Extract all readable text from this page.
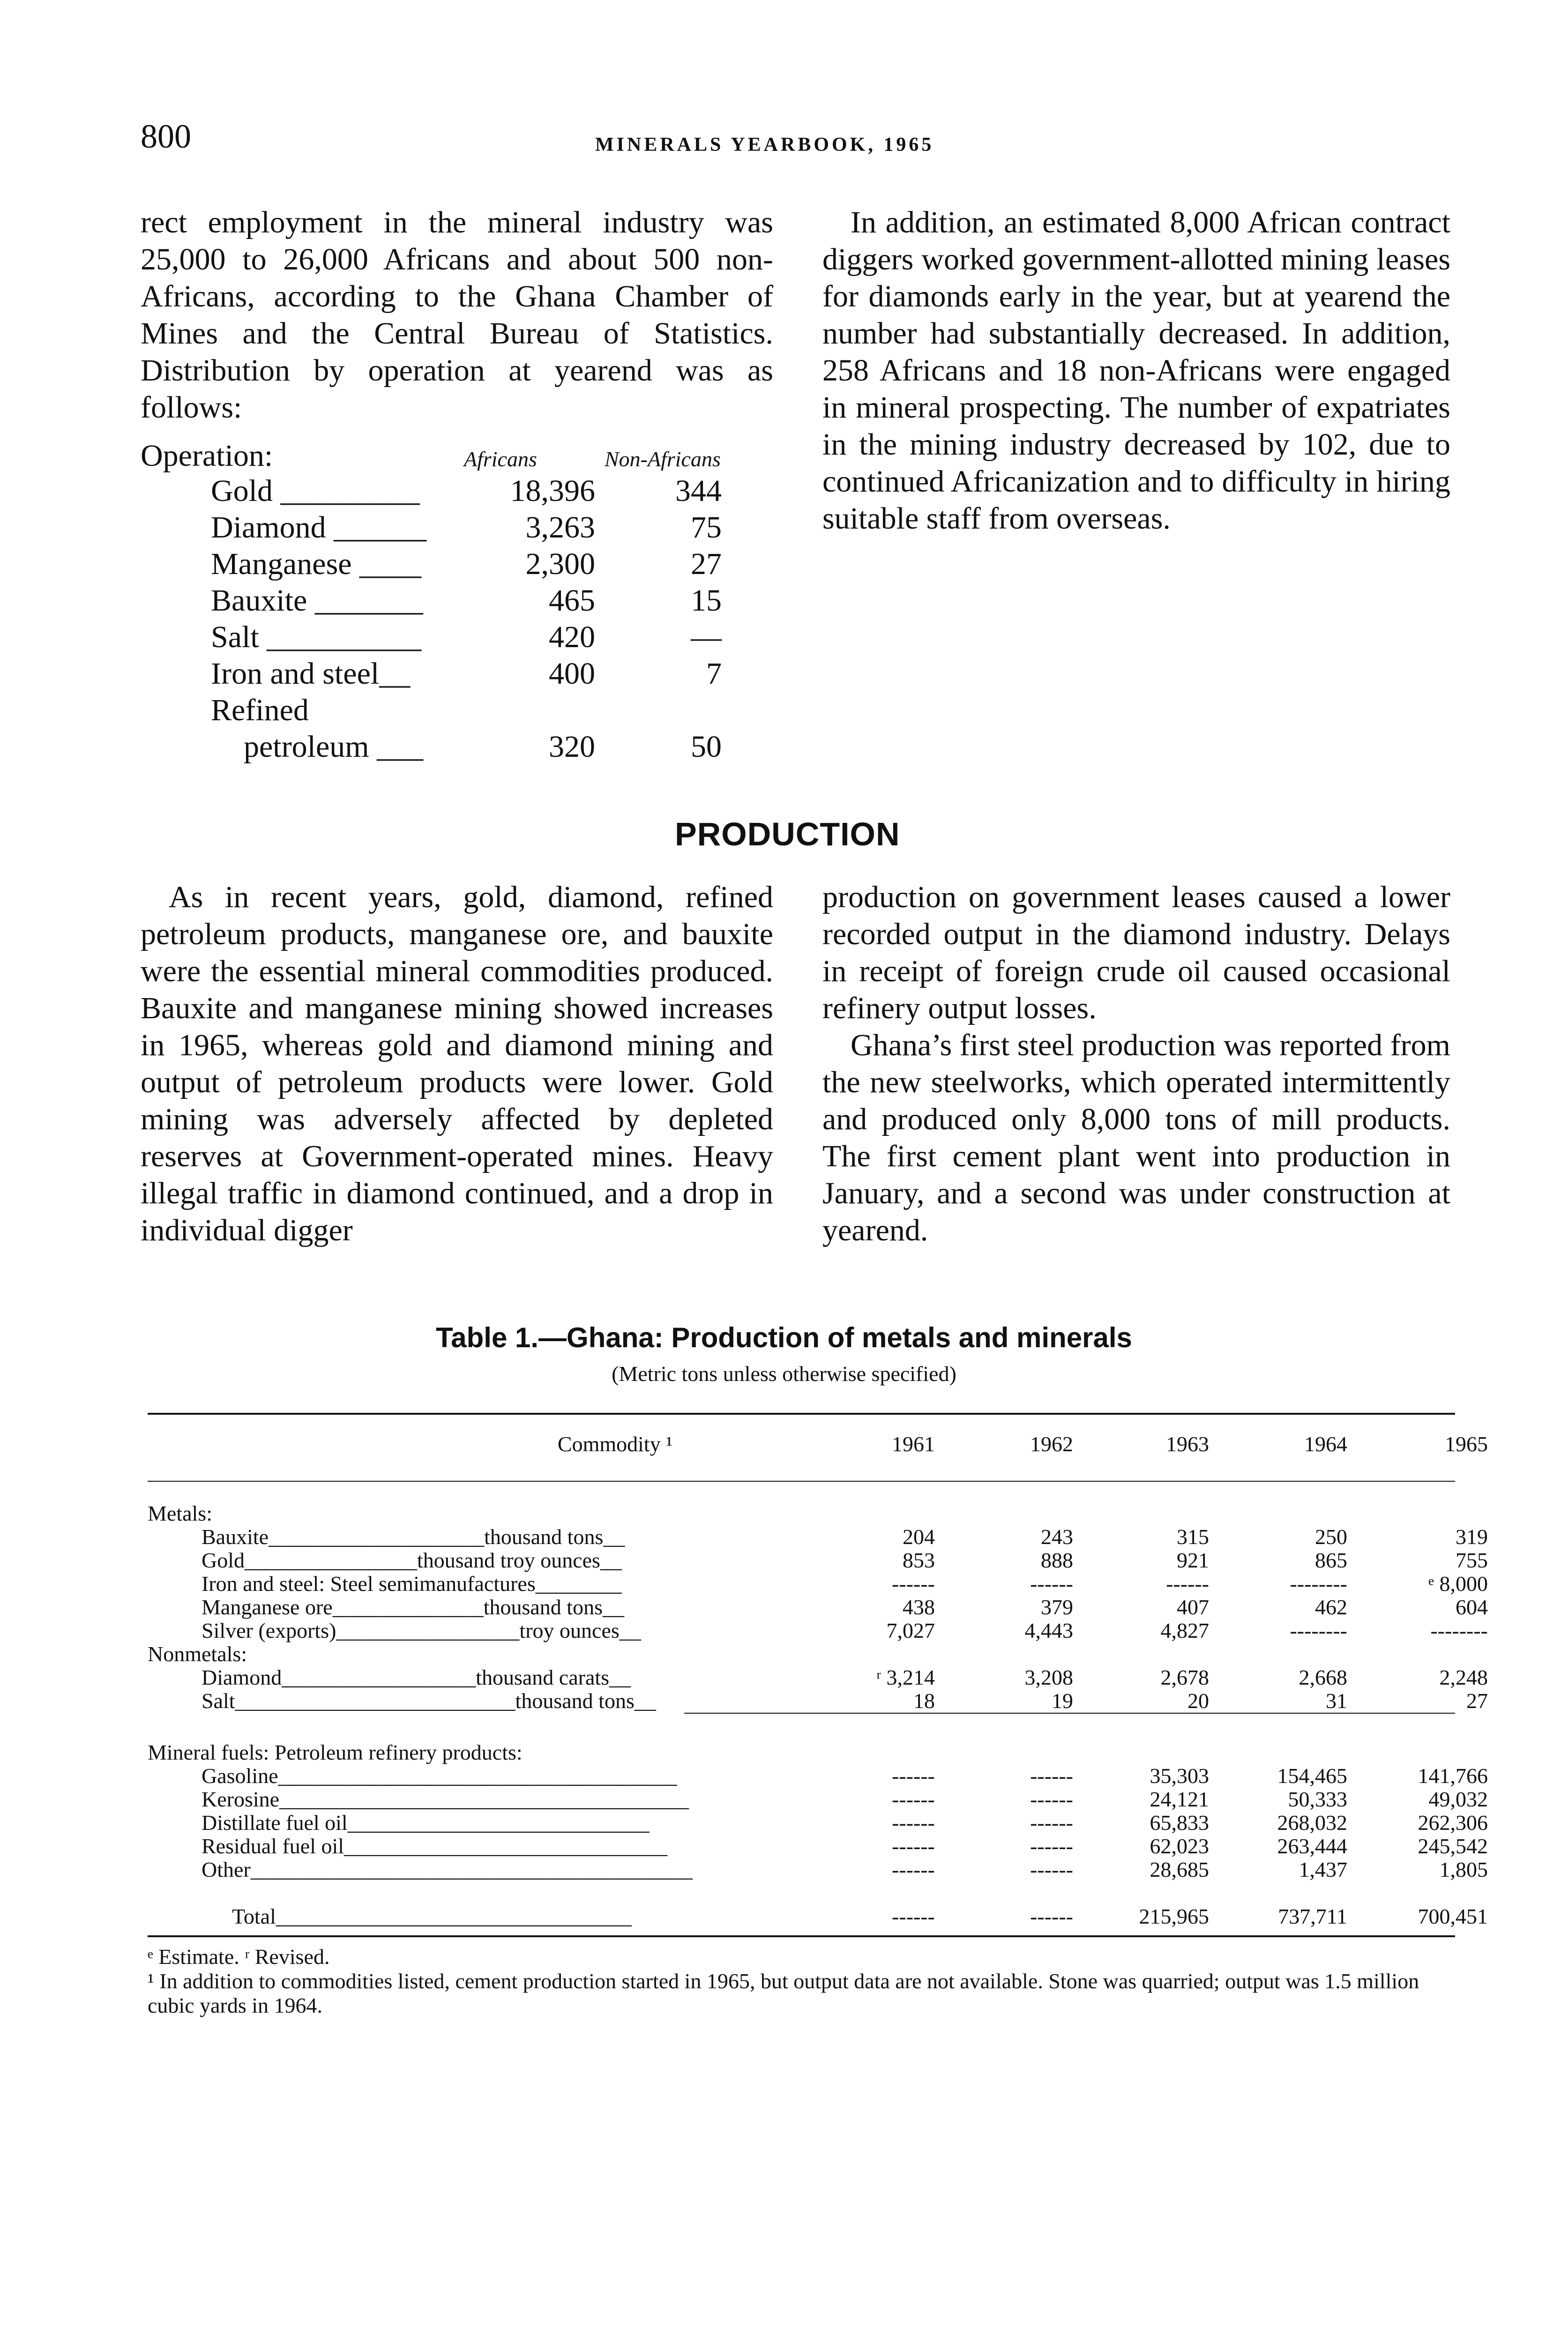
800	MINERALS YEARBOOK, 1965

rect employment in the mineral industry was 25,000 to 26,000 Africans and about 500 non-Africans, according to the Ghana Chamber of Mines and the Central Bureau of Statistics. Distribution by operation at yearend was as follows:

Operation:	Africans	Non-Africans
Gold _________	18,396	344
Diamond ______	3,263	75
Manganese ____	2,300	27
Bauxite _______	465	15
Salt __________	420	—
Iron and steel__	400	7
Refined
petroleum ___	320	50

In addition, an estimated 8,000 African contract diggers worked government-allotted mining leases for diamonds early in the year, but at yearend the number had substantially decreased. In addition, 258 Africans and 18 non-Africans were engaged in mineral prospecting. The number of expatriates in the mining industry decreased by 102, due to continued Africanization and to difficulty in hiring suitable staff from overseas.

PRODUCTION

As in recent years, gold, diamond, refined petroleum products, manganese ore, and bauxite were the essential mineral commodities produced. Bauxite and manganese mining showed increases in 1965, whereas gold and diamond mining and output of petroleum products were lower. Gold mining was adversely affected by depleted reserves at Government-operated mines. Heavy illegal traffic in diamond continued, and a drop in individual digger

production on government leases caused a lower recorded output in the diamond industry. Delays in receipt of foreign crude oil caused occasional refinery output losses.

Ghana’s first steel production was reported from the new steelworks, which operated intermittently and produced only 8,000 tons of mill products. The first cement plant went into production in January, and a second was under construction at yearend.

Table 1.—Ghana: Production of metals and minerals
(Metric tons unless otherwise specified)
Commodity ¹	1961	1962	1963	1964	1965
Metals:
Bauxite____________________thousand tons__	204	243	315	250	319
Gold________________thousand troy ounces__	853	888	921	865	755
Iron and steel: Steel semimanufactures________	------	------	------	--------	ᵉ 8,000
Manganese ore______________thousand tons__	438	379	407	462	604
Silver (exports)_________________troy ounces__	7,027	4,443	4,827	--------	--------
Nonmetals:
Diamond__________________thousand carats__	ʳ 3,214	3,208	2,678	2,668	2,248
Salt__________________________thousand tons__	18	19	20	31	27
Mineral fuels: Petroleum refinery products:
Gasoline_____________________________________	------	------	35,303	154,465	141,766
Kerosine______________________________________	------	------	24,121	50,333	49,032
Distillate fuel oil____________________________	------	------	65,833	268,032	262,306
Residual fuel oil______________________________	------	------	62,023	263,444	245,542
Other_________________________________________	------	------	28,685	1,437	1,805
Total_________________________________	------	------	215,965	737,711	700,451

ᵉ Estimate. ʳ Revised.

¹ In addition to commodities listed, cement production started in 1965, but output data are not available. Stone was quarried; output was 1.5 million cubic yards in 1964.
